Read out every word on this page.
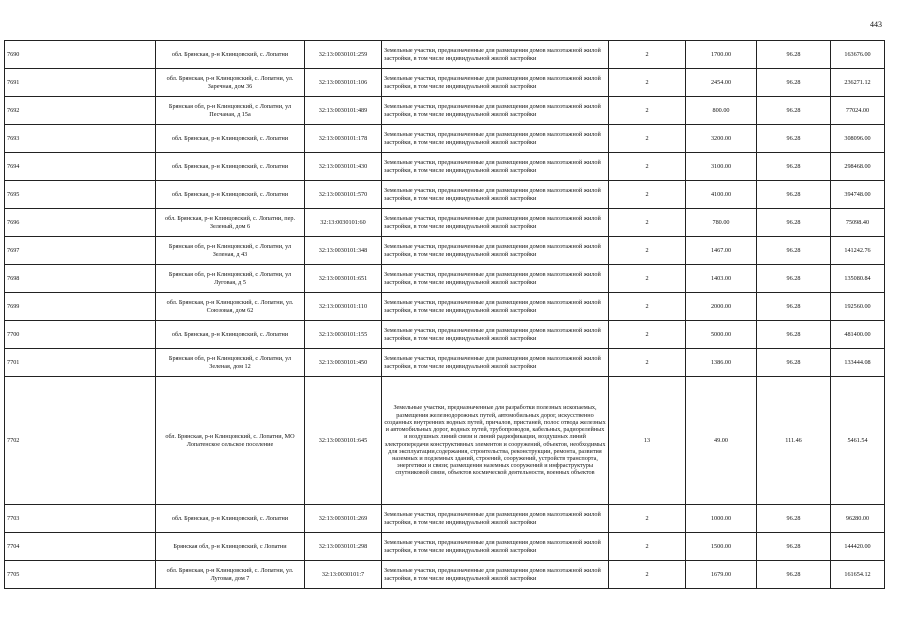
443
7690	обл. Брянская, р-н Клинцовский, с. Лопатни	32:13:0030101:259	Земельные участки, предназначенные для размещения домов малоэтажной жилой застройки, в том числе индивидуальной жилой застройки	2	1700.00	96.28	163676.00
7691	обл. Брянская, р-н Клинцовский, с. Лопатни, ул. Заречная, дом 36	32:13:0030101:106	Земельные участки, предназначенные для размещения домов малоэтажной жилой застройки, в том числе индивидуальной жилой застройки	2	2454.00	96.28	236271.12
7692	Брянская обл, р-н Клинцовский, с Лопатни, ул Песчаная, д 15а	32:13:0030101:489	Земельные участки, предназначенные для размещения домов малоэтажной жилой застройки, в том числе индивидуальной жилой застройки	2	800.00	96.28	77024.00
7693	обл. Брянская, р-н Клинцовский, с. Лопатни	32:13:0030101:178	Земельные участки, предназначенные для размещения домов малоэтажной жилой застройки, в том числе индивидуальной жилой застройки	2	3200.00	96.28	308096.00
7694	обл. Брянская, р-н Клинцовский, с. Лопатни	32:13:0030101:430	Земельные участки, предназначенные для размещения домов малоэтажной жилой застройки, в том числе индивидуальной жилой застройки	2	3100.00	96.28	298468.00
7695	обл. Брянская, р-н Клинцовский, с. Лопатни	32:13:0030101:570	Земельные участки, предназначенные для размещения домов малоэтажной жилой застройки, в том числе индивидуальной жилой застройки	2	4100.00	96.28	394748.00
7696	обл. Брянская, р-н Клинцовский, с. Лопатни, пер. Зеленый, дом 6	32:13:0030101:60	Земельные участки, предназначенные для размещения домов малоэтажной жилой застройки, в том числе индивидуальной жилой застройки	2	780.00	96.28	75098.40
7697	Брянская обл, р-н Клинцовский, с Лопатни, ул Зеленая, д 43	32:13:0030101:348	Земельные участки, предназначенные для размещения домов малоэтажной жилой застройки, в том числе индивидуальной жилой застройки	2	1467.00	96.28	141242.76
7698	Брянская обл, р-н Клинцовский, с Лопатни, ул Луговая, д 5	32:13:0030101:651	Земельные участки, предназначенные для размещения домов малоэтажной жилой застройки, в том числе индивидуальной жилой застройки	2	1403.00	96.28	135080.84
7699	обл. Брянская, р-н Клинцовский, с. Лопатни, ул. Союзовая, дом 62	32:13:0030101:110	Земельные участки, предназначенные для размещения домов малоэтажной жилой застройки, в том числе индивидуальной жилой застройки	2	2000.00	96.28	192560.00
7700	обл. Брянская, р-н Клинцовский, с. Лопатни	32:13:0030101:155	Земельные участки, предназначенные для размещения домов малоэтажной жилой застройки, в том числе индивидуальной жилой застройки	2	5000.00	96.28	481400.00
7701	Брянская обл, р-н Клинцовский, с Лопатни, ул Зеленая, дом 12	32:13:0030101:450	Земельные участки, предназначенные для размещения домов малоэтажной жилой застройки, в том числе индивидуальной жилой застройки	2	1386.00	96.28	133444.08
7702	обл. Брянская, р-н Клинцовский, с. Лопатни, МО Лопатенское сельское поселение	32:13:0030101:645	Земельные участки, предназначенные для разработки полезных ископаемых, размещения железнодорожных путей, автомобильных дорог, искусственно созданных внутренних водных путей, причалов, пристаней, полос отвода железных и автомобильных дорог, водных путей, трубопроводов, кабельных, радиорелейных и воздушных линий связи и линий радиофикации, воздушных линий электропередачи конструктивных элементов и сооружений, объектов, необходимых для эксплуатации,содержания, строительства, реконструкции, ремонта, развития наземных и подземных зданий, строений, сооружений, устройств транспорта, энергетики и связи; размещения наземных сооружений и инфраструктуры спутниковой связи, объектов космической деятельности, военных объектов	13	49.00	111.46	5461.54
7703	обл. Брянская, р-н Клинцовский, с. Лопатни	32:13:0030101:269	Земельные участки, предназначенные для размещения домов малоэтажной жилой застройки, в том числе индивидуальной жилой застройки	2	1000.00	96.28	96280.00
7704	Брянская обл, р-н Клинцовский, с Лопатни	32:13:0030101:298	Земельные участки, предназначенные для размещения домов малоэтажной жилой застройки, в том числе индивидуальной жилой застройки	2	1500.00	96.28	144420.00
7705	обл. Брянская, р-н Клинцовский, с. Лопатни, ул. Луговая, дом 7	32:13:0030101:7	Земельные участки, предназначенные для размещения домов малоэтажной жилой застройки, в том числе индивидуальной жилой застройки	2	1679.00	96.28	161654.12
